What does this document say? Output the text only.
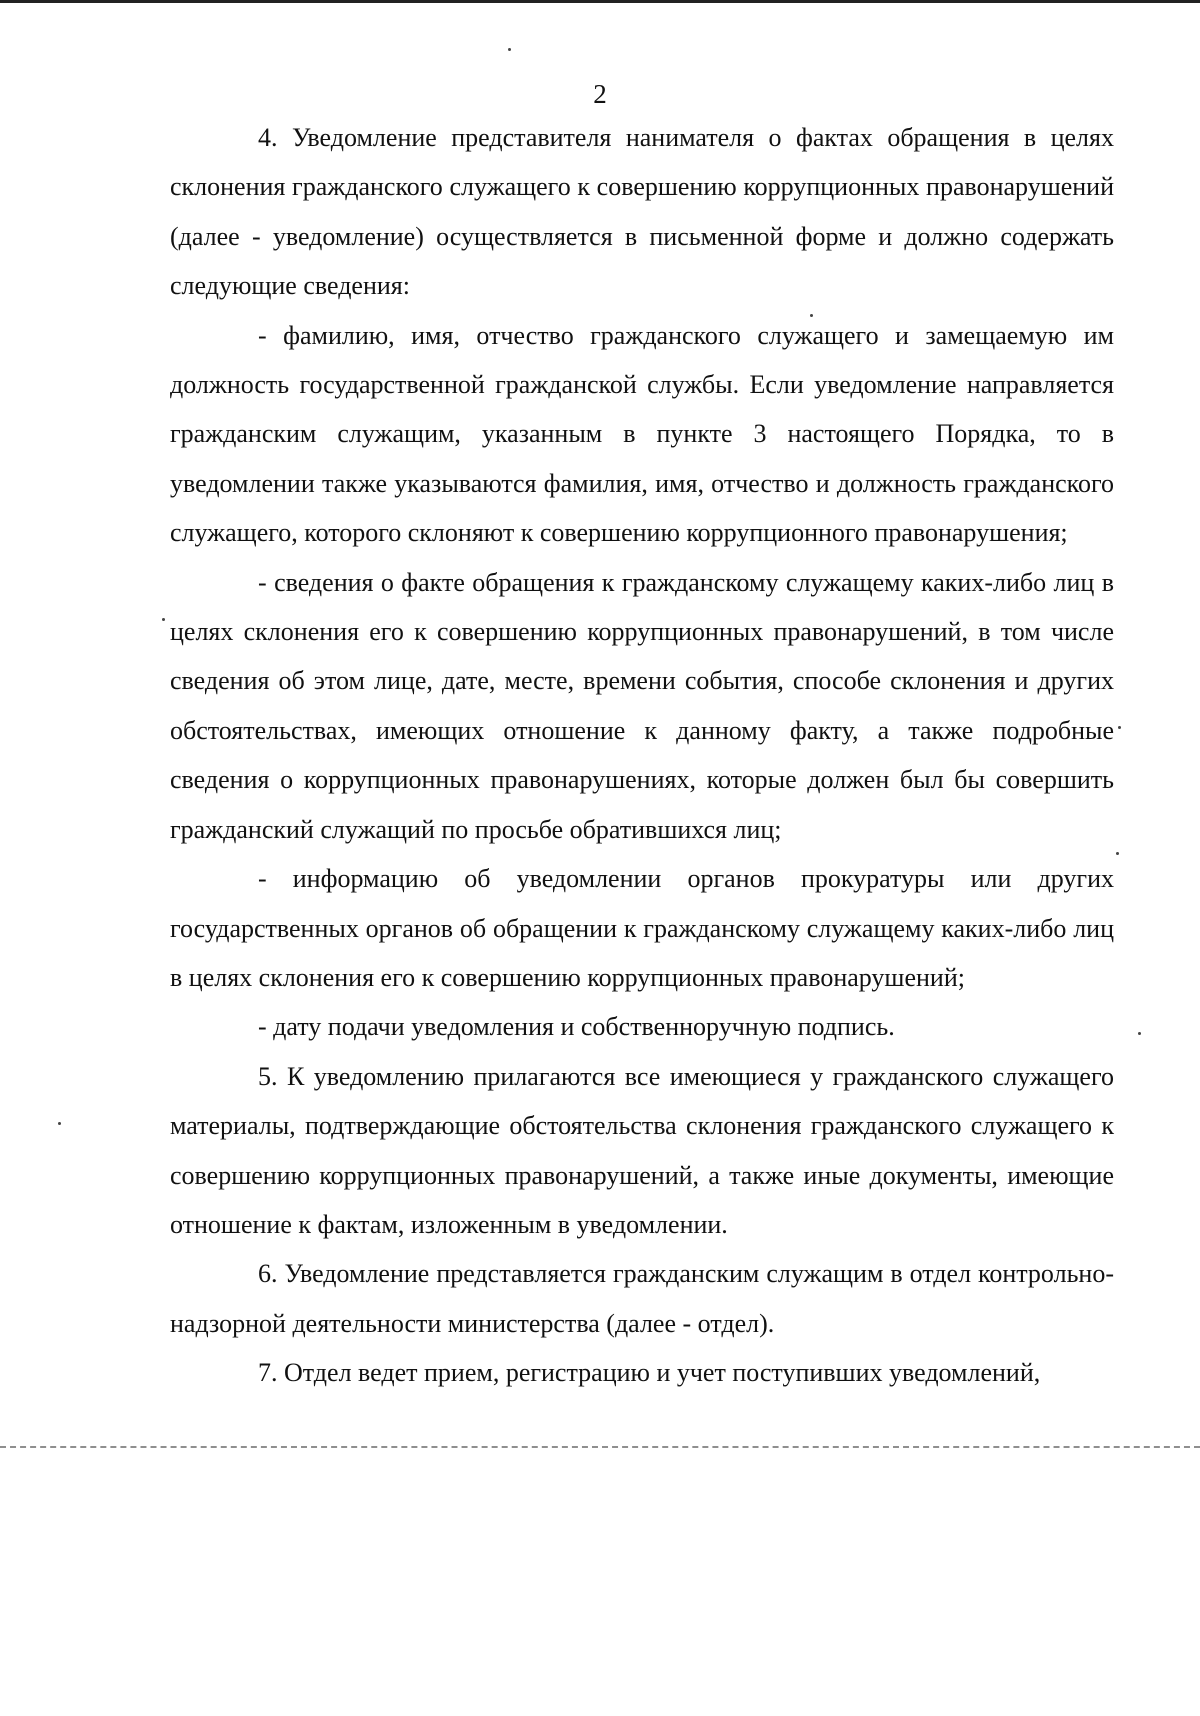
2

4. Уведомление представителя нанимателя о фактах обращения в целях склонения гражданского служащего к совершению коррупционных правонарушений (далее - уведомление) осуществляется в письменной форме и должно содержать следующие сведения:

- фамилию, имя, отчество гражданского служащего и замещаемую им должность государственной гражданской службы. Если уведомление направляется гражданским служащим, указанным в пункте 3 настоящего Порядка, то в уведомлении также указываются фамилия, имя, отчество и должность гражданского служащего, которого склоняют к совершению коррупционного правонарушения;

- сведения о факте обращения к гражданскому служащему каких-либо лиц в целях склонения его к совершению коррупционных правонарушений, в том числе сведения об этом лице, дате, месте, времени события, способе склонения и других обстоятельствах, имеющих отношение к данному факту, а также подробные сведения о коррупционных правонарушениях, которые должен был бы совершить гражданский служащий по просьбе обратившихся лиц;

- информацию об уведомлении органов прокуратуры или других государственных органов об обращении к гражданскому служащему каких-либо лиц в целях склонения его к совершению коррупционных правонарушений;

- дату подачи уведомления и собственноручную подпись.

5. К уведомлению прилагаются все имеющиеся у гражданского служащего материалы, подтверждающие обстоятельства склонения гражданского служащего к совершению коррупционных правонарушений, а также иные документы, имеющие отношение к фактам, изложенным в уведомлении.

6. Уведомление представляется гражданским служащим в отдел контрольно-надзорной деятельности министерства (далее - отдел).

7. Отдел ведет прием, регистрацию и учет поступивших уведомлений,
